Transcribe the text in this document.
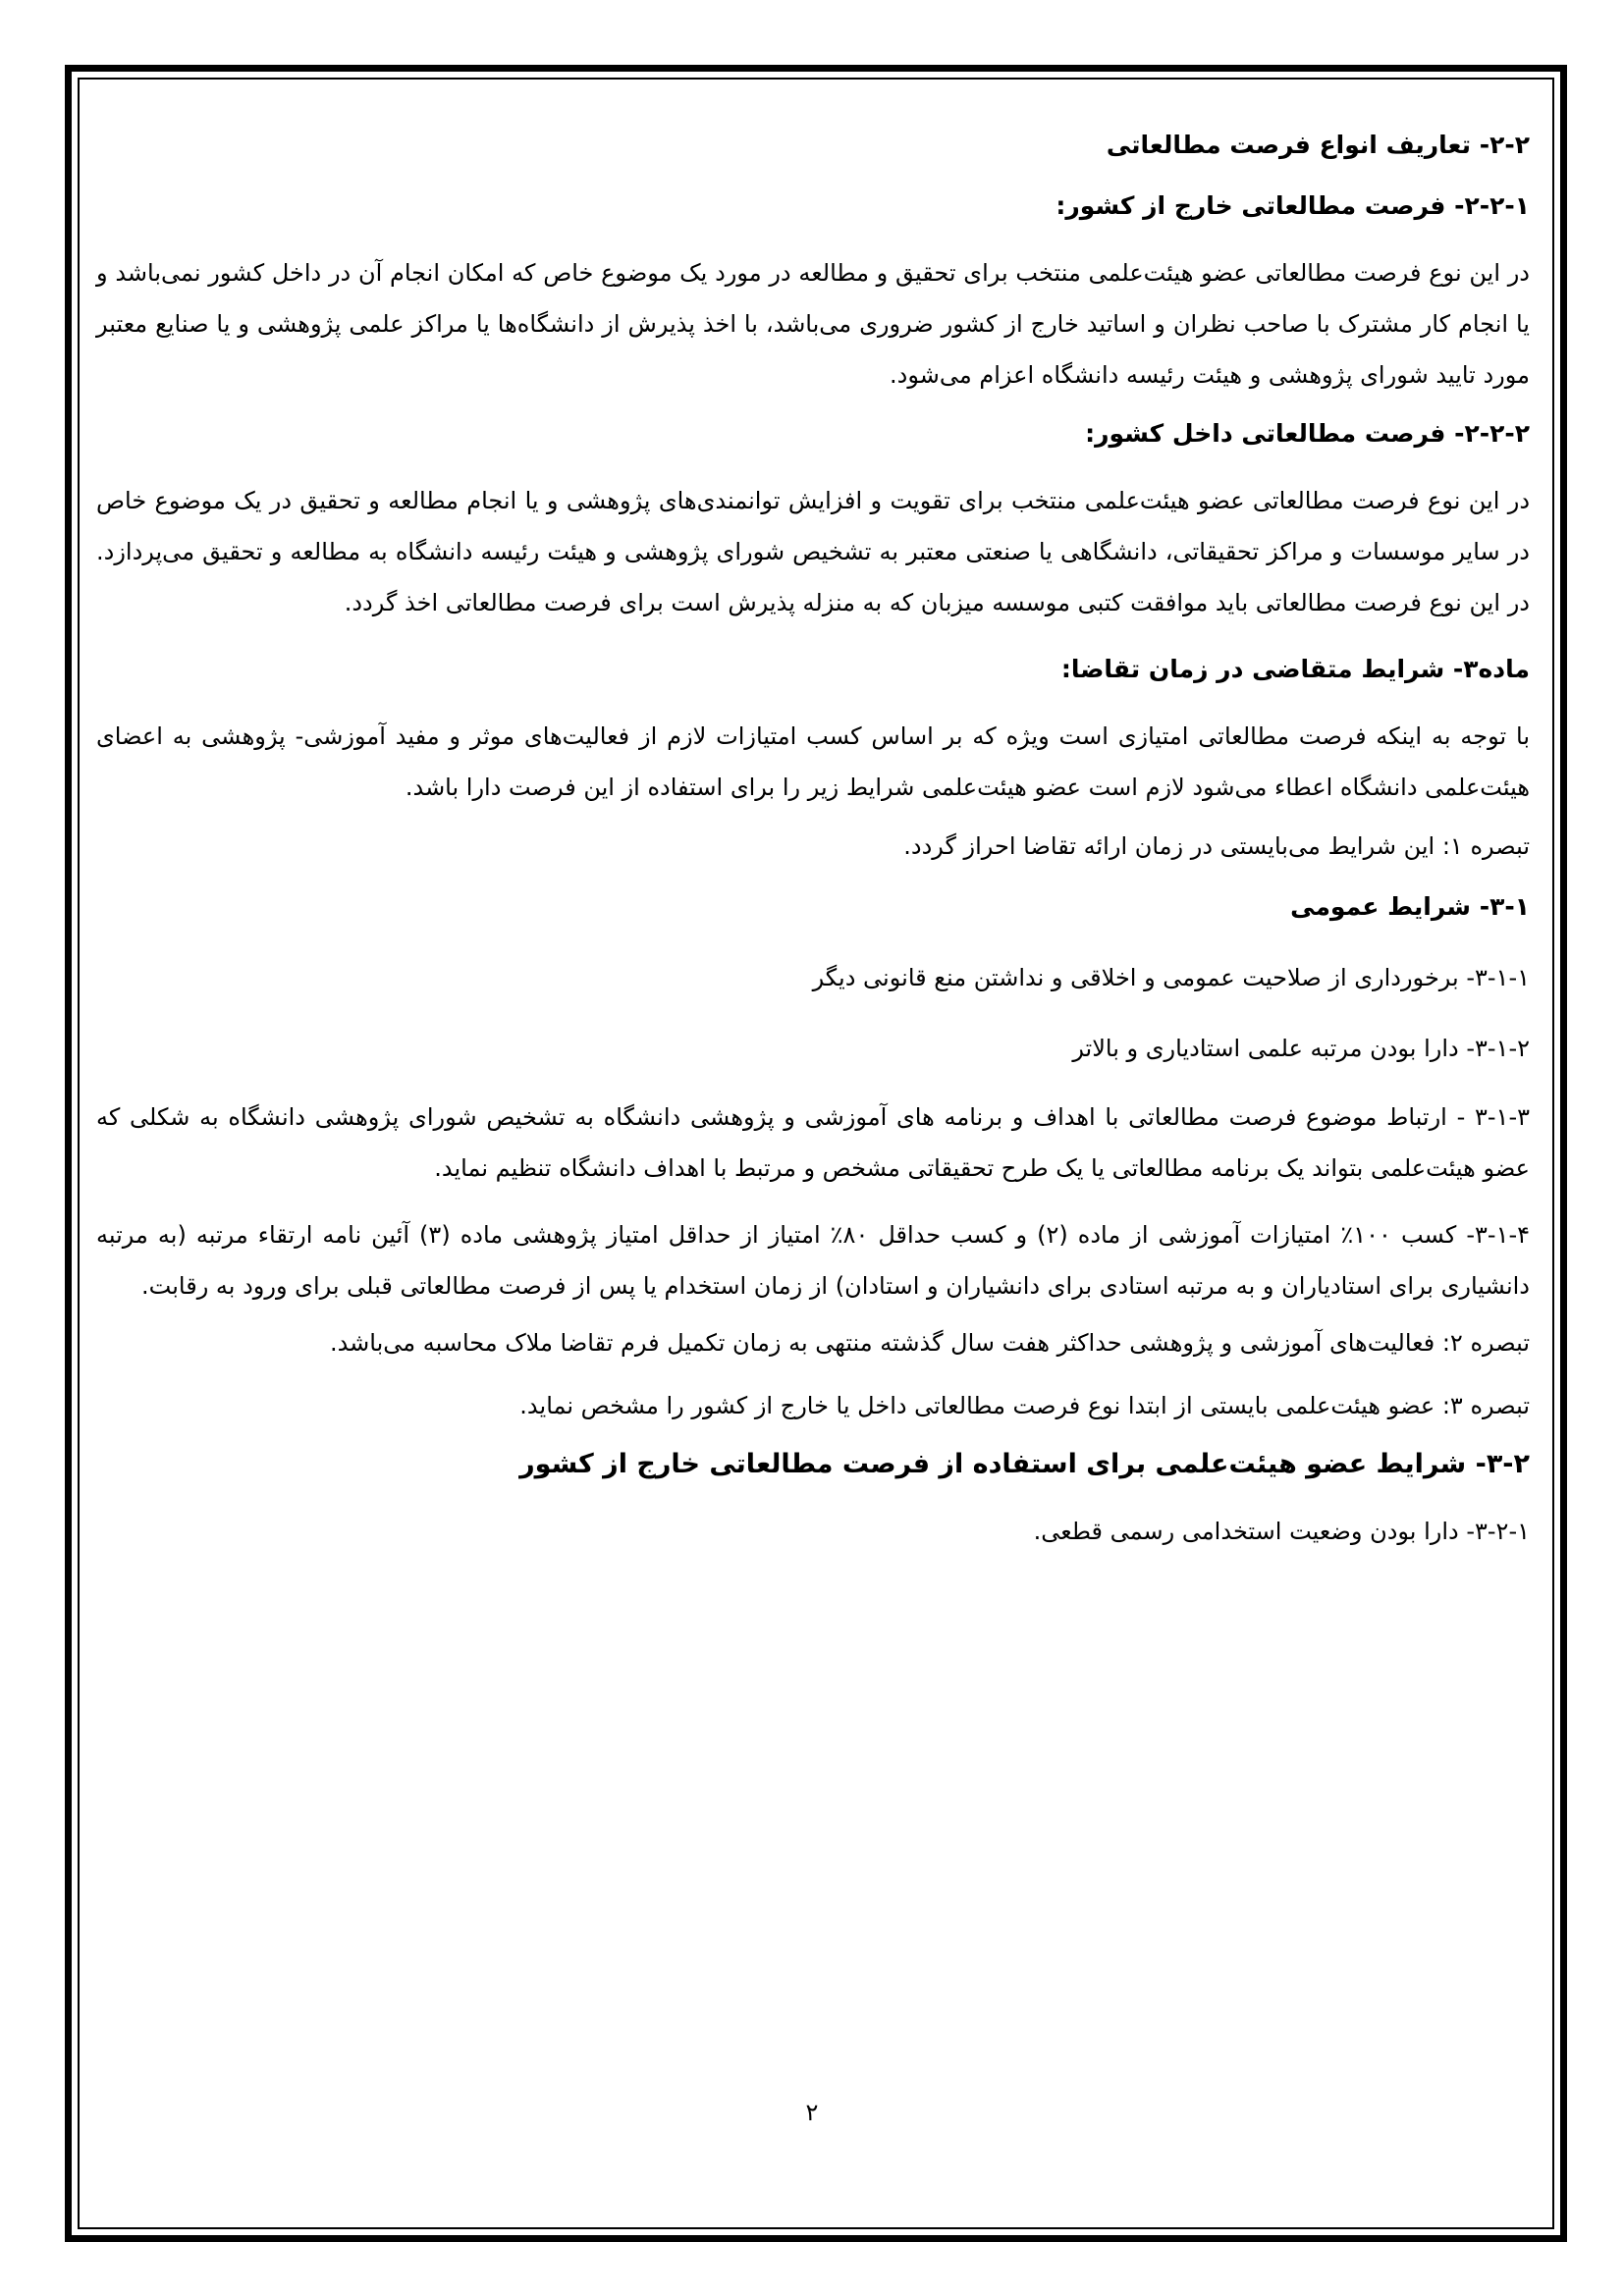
۲-۲- تعاریف انواع فرصت مطالعاتی
۲-۲-۱- فرصت مطالعاتی خارج از کشور:

در این نوع فرصت مطالعاتی عضو هیئت‌علمی منتخب برای تحقیق و مطالعه در مورد یک موضوع خاص که امکان انجام آن در داخل کشور نمی‌باشد و یا انجام کار مشترک با صاحب نظران و اساتید خارج از کشور ضروری می‌باشد، با اخذ پذیرش از دانشگاه‌ها یا مراکز علمی پژوهشی و یا صنایع معتبر مورد تایید شورای پژوهشی و هیئت رئیسه دانشگاه اعزام می‌شود.

۲-۲-۲- فرصت مطالعاتی داخل کشور:

در این نوع فرصت مطالعاتی عضو هیئت‌علمی منتخب برای تقویت و افزایش توانمندی‌های پژوهشی و یا انجام مطالعه و تحقیق در یک موضوع خاص در سایر موسسات و مراکز تحقیقاتی، دانشگاهی یا صنعتی معتبر به تشخیص شورای پژوهشی و هیئت رئیسه دانشگاه به مطالعه و تحقیق می‌پردازد. در این نوع فرصت مطالعاتی باید موافقت کتبی موسسه میزبان که به منزله پذیرش است برای فرصت مطالعاتی اخذ گردد.

ماده۳- شرایط متقاضی در زمان تقاضا:

با توجه به اینکه فرصت مطالعاتی امتیازی است ویژه که بر اساس کسب امتیازات لازم از فعالیت‌های موثر و مفید آموزشی- پژوهشی به اعضای هیئت‌علمی دانشگاه اعطاء می‌شود لازم است عضو هیئت‌علمی شرایط زیر را برای استفاده از این فرصت دارا باشد.

تبصره ۱: این شرایط می‌بایستی در زمان ارائه تقاضا احراز گردد.

۳-۱- شرایط عمومی

۳-۱-۱- برخورداری از صلاحیت عمومی و اخلاقی و نداشتن منع قانونی دیگر

۳-۱-۲- دارا بودن مرتبه علمی استادیاری و بالاتر

۳-۱-۳ - ارتباط موضوع فرصت مطالعاتی با اهداف و برنامه های آموزشی و پژوهشی دانشگاه به تشخیص شورای پژوهشی دانشگاه به شکلی که عضو هیئت‌علمی بتواند یک برنامه مطالعاتی یا یک طرح تحقیقاتی مشخص و مرتبط با اهداف دانشگاه تنظیم نماید.

۳-۱-۴- کسب ۱۰۰٪ امتیازات آموزشی از ماده (۲) و کسب حداقل ۸۰٪ امتیاز از حداقل امتیاز پژوهشی ماده (۳) آئین نامه ارتقاء مرتبه (به مرتبه دانشیاری برای استادیاران و به مرتبه استادی برای دانشیاران و استادان) از زمان استخدام یا پس از فرصت مطالعاتی قبلی برای ورود به رقابت.

تبصره ۲: فعالیت‌های آموزشی و پژوهشی حداکثر هفت سال گذشته منتهی به زمان تکمیل فرم تقاضا ملاک محاسبه می‌باشد.

تبصره ۳: عضو هیئت‌علمی بایستی از ابتدا نوع فرصت مطالعاتی داخل یا خارج از کشور را مشخص نماید.

۳-۲- شرایط عضو هیئت‌علمی برای استفاده از فرصت مطالعاتی خارج از کشور

۳-۲-۱- دارا بودن وضعیت استخدامی رسمی قطعی.

۲
